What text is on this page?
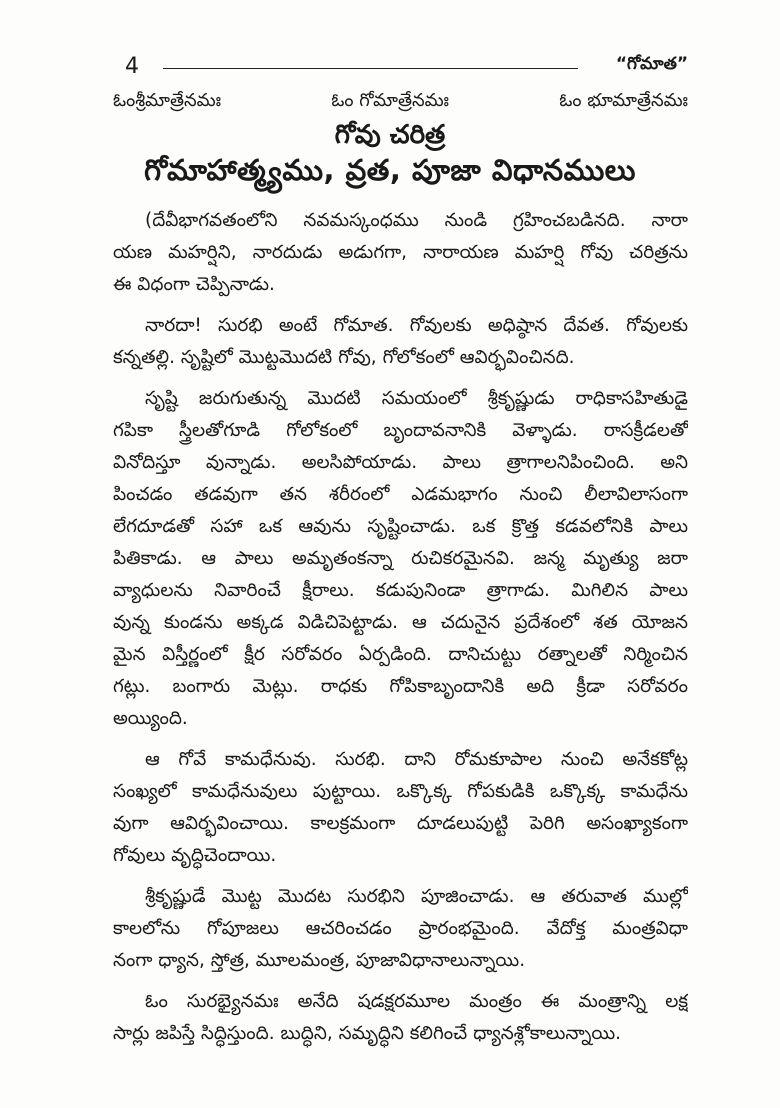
4	“గోమాత”
ఓంశ్రీమాత్రేనమః	ఓం గోమాత్రేనమః	ఓం భూమాత్రేనమః
గోవు చరిత్ర
గోమాహాత్మ్యము, వ్రత, పూజా విధానములు
(దేవీభాగవతంలోని నవమస్కంధము నుండి గ్రహించబడినది. నారా
యణ మహర్షిని, నారదుడు అడుగగా, నారాయణ మహర్షి గోవు చరిత్రను
ఈ విధంగా చెప్పినాడు.
నారదా! సురభి అంటే గోమాత. గోవులకు అధిష్ఠాన దేవత. గోవులకు
కన్నతల్లి. సృష్టిలో మొట్టమొదటి గోవు, గోలోకంలో ఆవిర్భవించినది.
సృష్టి జరుగుతున్న మొదటి సమయంలో శ్రీకృష్ణుడు రాధికాసహితుడై
గపికా స్త్రీలతోగూడి గోలోకంలో బృందావనానికి వెళ్ళాడు. రాసక్రీడలతో
వినోదిస్తూ వున్నాడు. అలసిపోయాడు. పాలు త్రాగాలనిపించింది. అని
పించడం తడవుగా తన శరీరంలో ఎడమభాగం నుంచి లీలావిలాసంగా
లేగదూడతో సహా ఒక ఆవును సృష్టించాడు. ఒక క్రొత్త కడవలోనికి పాలు
పితికాడు. ఆ పాలు అమృతంకన్నా రుచికరమైనవి. జన్మ మృత్యు జరా
వ్యాధులను నివారించే క్షీరాలు. కడుపునిండా త్రాగాడు. మిగిలిన పాలు
వున్న కుండను అక్కడ విడిచిపెట్టాడు. ఆ చదునైన ప్రదేశంలో శత యోజన
మైన విస్తీర్ణంలో క్షీర సరోవరం ఏర్పడింది. దానిచుట్టు రత్నాలతో నిర్మించిన
గట్లు. బంగారు మెట్లు. రాధకు గోపికాబృందానికి అది క్రీడా సరోవరం
అయ్యింది.
ఆ గోవే కామధేనువు. సురభి. దాని రోమకూపాల నుంచి అనేకకోట్ల
సంఖ్యలో కామధేనువులు పుట్టాయి. ఒక్కొక్క గోపకుడికి ఒక్కొక్క కామధేను
వుగా ఆవిర్భవించాయి. కాలక్రమంగా దూడలుపుట్టి పెరిగి అసంఖ్యాకంగా
గోవులు వృద్ధిచెందాయి.
శ్రీకృష్ణుడే మొట్ట మొదట సురభిని పూజించాడు. ఆ తరువాత ముల్లో
కాలలోను గోపూజలు ఆచరించడం ప్రారంభమైంది. వేదోక్త మంత్రవిధా
నంగా ధ్యాన, స్తోత్ర, మూలమంత్ర, పూజావిధానాలున్నాయి.
ఓం సురభ్యైనమః అనేది షడక్షరమూల మంత్రం ఈ మంత్రాన్ని లక్ష
సార్లు జపిస్తే సిద్ధిస్తుంది. బుద్ధిని, సమృద్ధిని కలిగించే ధ్యానశ్లోకాలున్నాయి.
